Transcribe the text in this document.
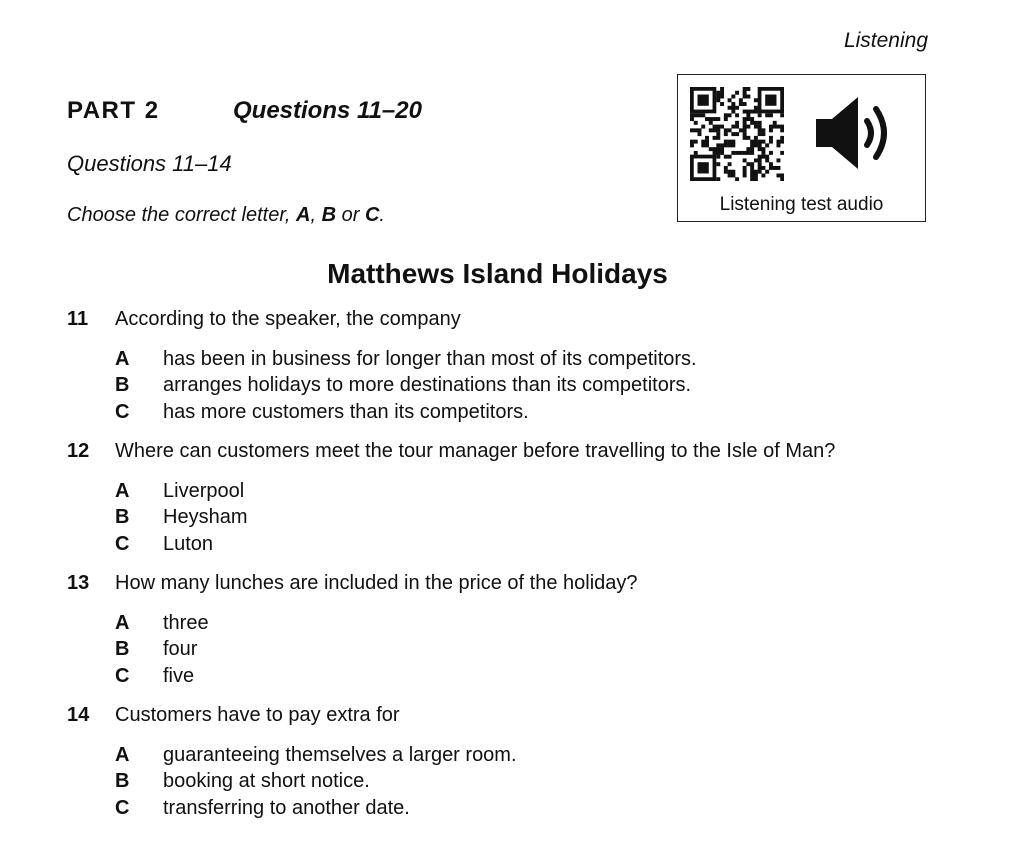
Listening
PART 2	Questions 11–20
Questions 11–14
Choose the correct letter, A, B or C.	Listening test audio
Matthews Island Holidays
11	According to the speaker, the company
A	has been in business for longer than most of its competitors.
B	arranges holidays to more destinations than its competitors.
C	has more customers than its competitors.
12	Where can customers meet the tour manager before travelling to the Isle of Man?
A	Liverpool
B	Heysham
C	Luton
13	How many lunches are included in the price of the holiday?
A	three
B	four
C	five
14	Customers have to pay extra for
A	guaranteeing themselves a larger room.
B	booking at short notice.
C	transferring to another date.
